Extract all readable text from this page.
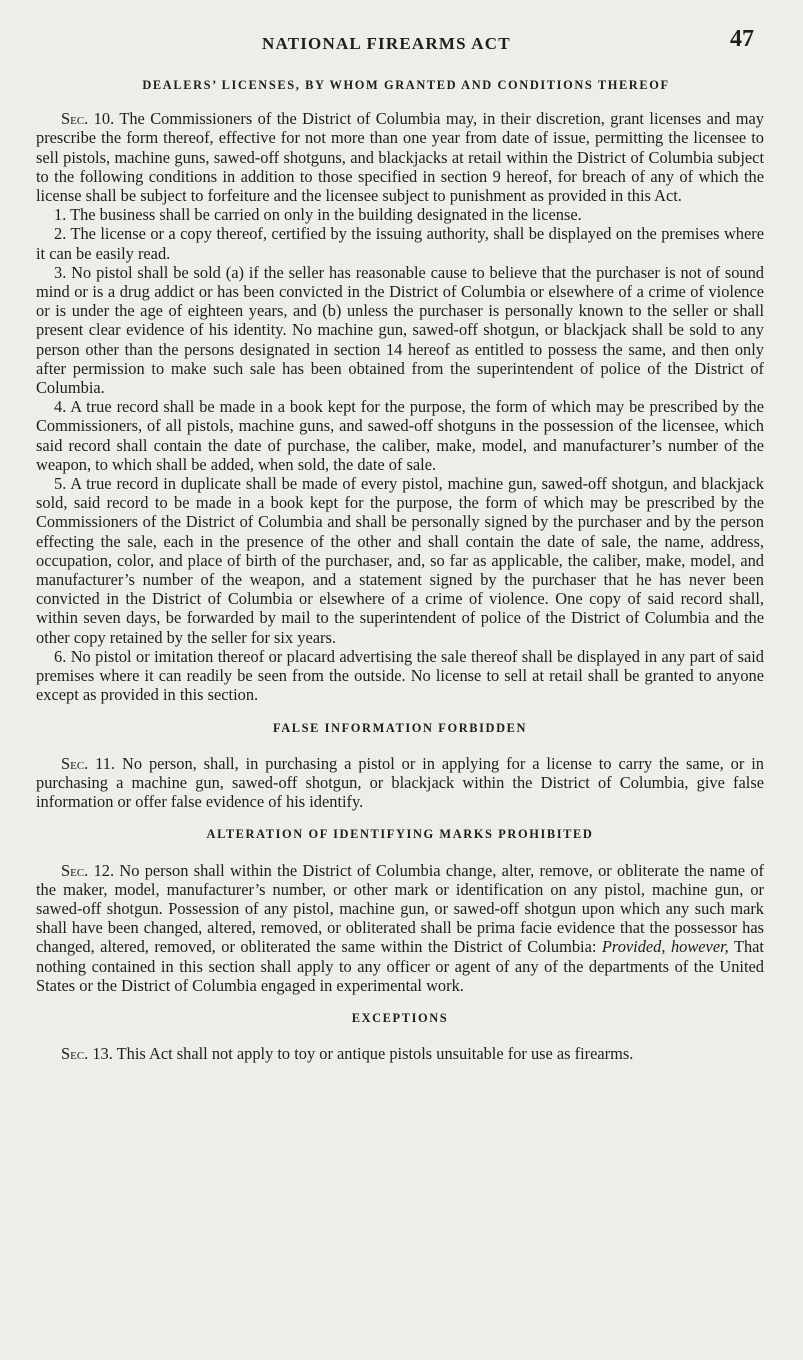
NATIONAL FIREARMS ACT	47
DEALERS’ LICENSES, BY WHOM GRANTED AND CONDITIONS THEREOF

Sec. 10. The Commissioners of the District of Columbia may, in their discretion, grant licenses and may prescribe the form thereof, effective for not more than one year from date of issue, permitting the licensee to sell pistols, machine guns, sawed-off shotguns, and blackjacks at retail within the District of Columbia subject to the following conditions in addition to those specified in section 9 hereof, for breach of any of which the license shall be subject to forfeiture and the licensee subject to punishment as provided in this Act.

1. The business shall be carried on only in the building designated in the license.

2. The license or a copy thereof, certified by the issuing authority, shall be displayed on the premises where it can be easily read.

3. No pistol shall be sold (a) if the seller has reasonable cause to believe that the purchaser is not of sound mind or is a drug addict or has been convicted in the District of Columbia or elsewhere of a crime of violence or is under the age of eighteen years, and (b) unless the purchaser is personally known to the seller or shall present clear evidence of his identity. No machine gun, sawed-off shotgun, or blackjack shall be sold to any person other than the persons designated in section 14 hereof as entitled to possess the same, and then only after permission to make such sale has been obtained from the superintendent of police of the District of Columbia.

4. A true record shall be made in a book kept for the purpose, the form of which may be prescribed by the Commissioners, of all pistols, machine guns, and sawed-off shotguns in the possession of the licensee, which said record shall contain the date of purchase, the caliber, make, model, and manufacturer’s number of the weapon, to which shall be added, when sold, the date of sale.

5. A true record in duplicate shall be made of every pistol, machine gun, sawed-off shotgun, and blackjack sold, said record to be made in a book kept for the purpose, the form of which may be prescribed by the Commissioners of the District of Columbia and shall be personally signed by the purchaser and by the person effecting the sale, each in the presence of the other and shall contain the date of sale, the name, address, occupation, color, and place of birth of the purchaser, and, so far as applicable, the caliber, make, model, and manufacturer’s number of the weapon, and a statement signed by the purchaser that he has never been convicted in the District of Columbia or elsewhere of a crime of violence. One copy of said record shall, within seven days, be forwarded by mail to the superintendent of police of the District of Columbia and the other copy retained by the seller for six years.

6. No pistol or imitation thereof or placard advertising the sale thereof shall be displayed in any part of said premises where it can readily be seen from the outside. No license to sell at retail shall be granted to anyone except as provided in this section.

FALSE INFORMATION FORBIDDEN

Sec. 11. No person, shall, in purchasing a pistol or in applying for a license to carry the same, or in purchasing a machine gun, sawed-off shotgun, or blackjack within the District of Columbia, give false information or offer false evidence of his identify.

ALTERATION OF IDENTIFYING MARKS PROHIBITED

Sec. 12. No person shall within the District of Columbia change, alter, remove, or obliterate the name of the maker, model, manufacturer’s number, or other mark or identification on any pistol, machine gun, or sawed-off shotgun. Possession of any pistol, machine gun, or sawed-off shotgun upon which any such mark shall have been changed, altered, removed, or obliterated shall be prima facie evidence that the possessor has changed, altered, removed, or obliterated the same within the District of Columbia: Provided, however, That nothing contained in this section shall apply to any officer or agent of any of the departments of the United States or the District of Columbia engaged in experimental work.

EXCEPTIONS

Sec. 13. This Act shall not apply to toy or antique pistols unsuitable for use as firearms.
